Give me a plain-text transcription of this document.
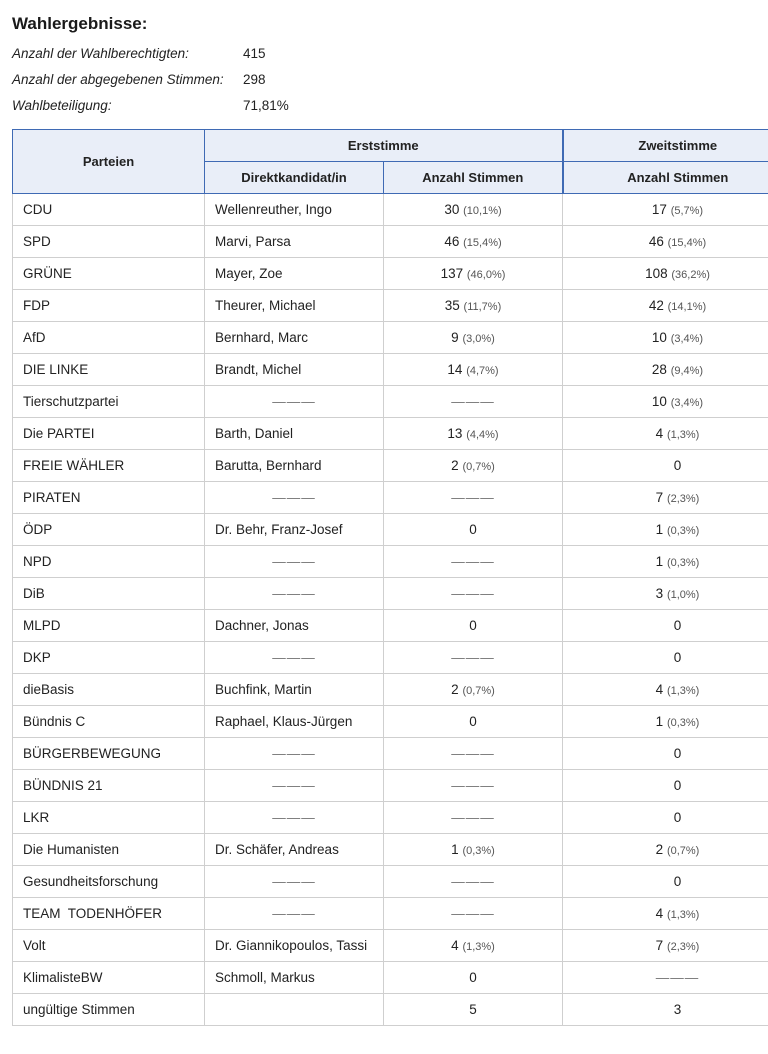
Wahlergebnisse:
Anzahl der Wahlberechtigten:	415
Anzahl der abgegebenen Stimmen:	298
Wahlbeteiligung:	71,81%
Parteien	Erststimme		Zweitstimme
	Direktkandidat/in	Anzahl Stimmen	Anzahl Stimmen
CDU	Wellenreuther, Ingo	30 (10,1%)	17 (5,7%)
SPD	Marvi, Parsa	46 (15,4%)	46 (15,4%)
GRÜNE	Mayer, Zoe	137 (46,0%)	108 (36,2%)
FDP	Theurer, Michael	35 (11,7%)	42 (14,1%)
AfD	Bernhard, Marc	9 (3,0%)	10 (3,4%)
DIE LINKE	Brandt, Michel	14 (4,7%)	28 (9,4%)
Tierschutzpartei	———	———	10 (3,4%)
Die PARTEI	Barth, Daniel	13 (4,4%)	4 (1,3%)
FREIE WÄHLER	Barutta, Bernhard	2 (0,7%)	0
PIRATEN	———	———	7 (2,3%)
ÖDP	Dr. Behr, Franz-Josef	0	1 (0,3%)
NPD	———	———	1 (0,3%)
DiB	———	———	3 (1,0%)
MLPD	Dachner, Jonas	0	0
DKP	———	———	0
dieBasis	Buchfink, Martin	2 (0,7%)	4 (1,3%)
Bündnis C	Raphael, Klaus-Jürgen	0	1 (0,3%)
BÜRGERBEWEGUNG	———	———	0
BÜNDNIS 21	———	———	0
LKR	———	———	0
Die Humanisten	Dr. Schäfer, Andreas	1 (0,3%)	2 (0,7%)
Gesundheitsforschung	———	———	0
TEAM  TODENHÖFER	———	———	4 (1,3%)
Volt	Dr. Giannikopoulos, Tassi	4 (1,3%)	7 (2,3%)
KlimalisteBW	Schmoll, Markus	0	———
ungültige Stimmen		5	3
